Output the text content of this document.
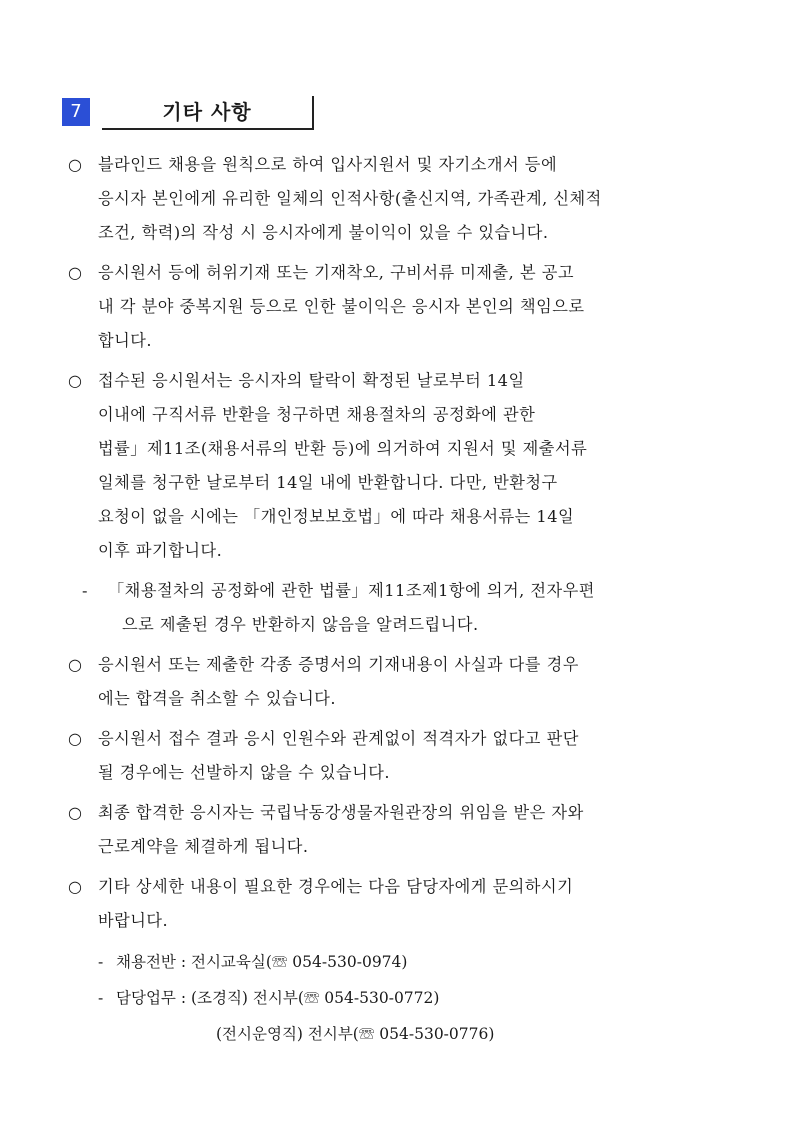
7	기타 사항
○ 블라인드 채용을 원칙으로 하여 입사지원서 및 자기소개서 등에
응시자 본인에게 유리한 일체의 인적사항(출신지역, 가족관계, 신체적
조건, 학력)의 작성 시 응시자에게 불이익이 있을 수 있습니다.
○ 응시원서 등에 허위기재 또는 기재착오, 구비서류 미제출, 본 공고
내 각 분야 중복지원 등으로 인한 불이익은 응시자 본인의 책임으로
합니다.
○ 접수된 응시원서는 응시자의 탈락이 확정된 날로부터 14일
이내에 구직서류 반환을 청구하면 채용절차의 공정화에 관한
법률」제11조(채용서류의 반환 등)에 의거하여 지원서 및 제출서류
일체를 청구한 날로부터 14일 내에 반환합니다. 다만, 반환청구
요청이 없을 시에는 「개인정보보호법」에 따라 채용서류는 14일
이후 파기합니다.
- 「채용절차의 공정화에 관한 법률」제11조제1항에 의거, 전자우편
으로 제출된 경우 반환하지 않음을 알려드립니다.
○ 응시원서 또는 제출한 각종 증명서의 기재내용이 사실과 다를 경우
에는 합격을 취소할 수 있습니다.
○ 응시원서 접수 결과 응시 인원수와 관계없이 적격자가 없다고 판단
될 경우에는 선발하지 않을 수 있습니다.
○ 최종 합격한 응시자는 국립낙동강생물자원관장의 위임을 받은 자와
근로계약을 체결하게 됩니다.
○ 기타 상세한 내용이 필요한 경우에는 다음 담당자에게 문의하시기
바랍니다.
- 채용전반 : 전시교육실(☏ 054-530-0974)
- 담당업무 : (조경직) 전시부(☏ 054-530-0772)
(전시운영직) 전시부(☏ 054-530-0776)
